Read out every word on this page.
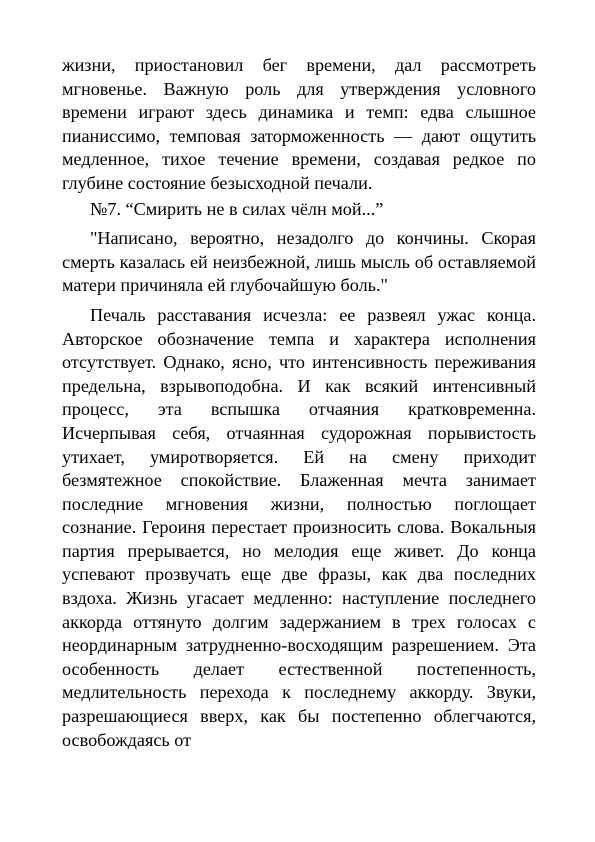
жизни, приостановил бег времени, дал рассмотреть мгновенье. Важную роль для утверждения условного времени играют здесь динамика и темп: едва слышное пианиссимо, темповая заторможенность — дают ощутить медленное, тихое течение времени, создавая редкое по глубине состояние безысходной печали.

№7. “Смирить не в силах чёлн мой...”

"Написано, вероятно, незадолго до кончины. Скорая смерть казалась ей неизбежной, лишь мысль об оставляемой матери причиняла ей глубочайшую боль."

Печаль расставания исчезла: ее развеял ужас конца. Авторское обозначение темпа и характера исполнения отсутствует. Однако, ясно, что интенсивность переживания предельна, взрывоподобна. И как всякий интенсивный процесс, эта вспышка отчаяния кратковременна. Исчерпывая себя, отчаянная судорожная порывистость утихает, умиротворяется. Ей на смену приходит безмятежное спокойствие. Блаженная мечта занимает последние мгновения жизни, полностью поглощает сознание. Героиня перестает произносить слова. Вокальныя партия прерывается, но мелодия еще живет. До конца успевают прозвучать еще две фразы, как два последних вздоха. Жизнь угасает медленно: наступление последнего аккорда оттянуто долгим задержанием в трех голосах с неординарным затрудненно-восходящим разрешением. Эта особенность делает естественной постепенность, медлительность перехода к последнему аккорду. Звуки, разрешающиеся вверх, как бы постепенно облегчаются, освобождаясь от
